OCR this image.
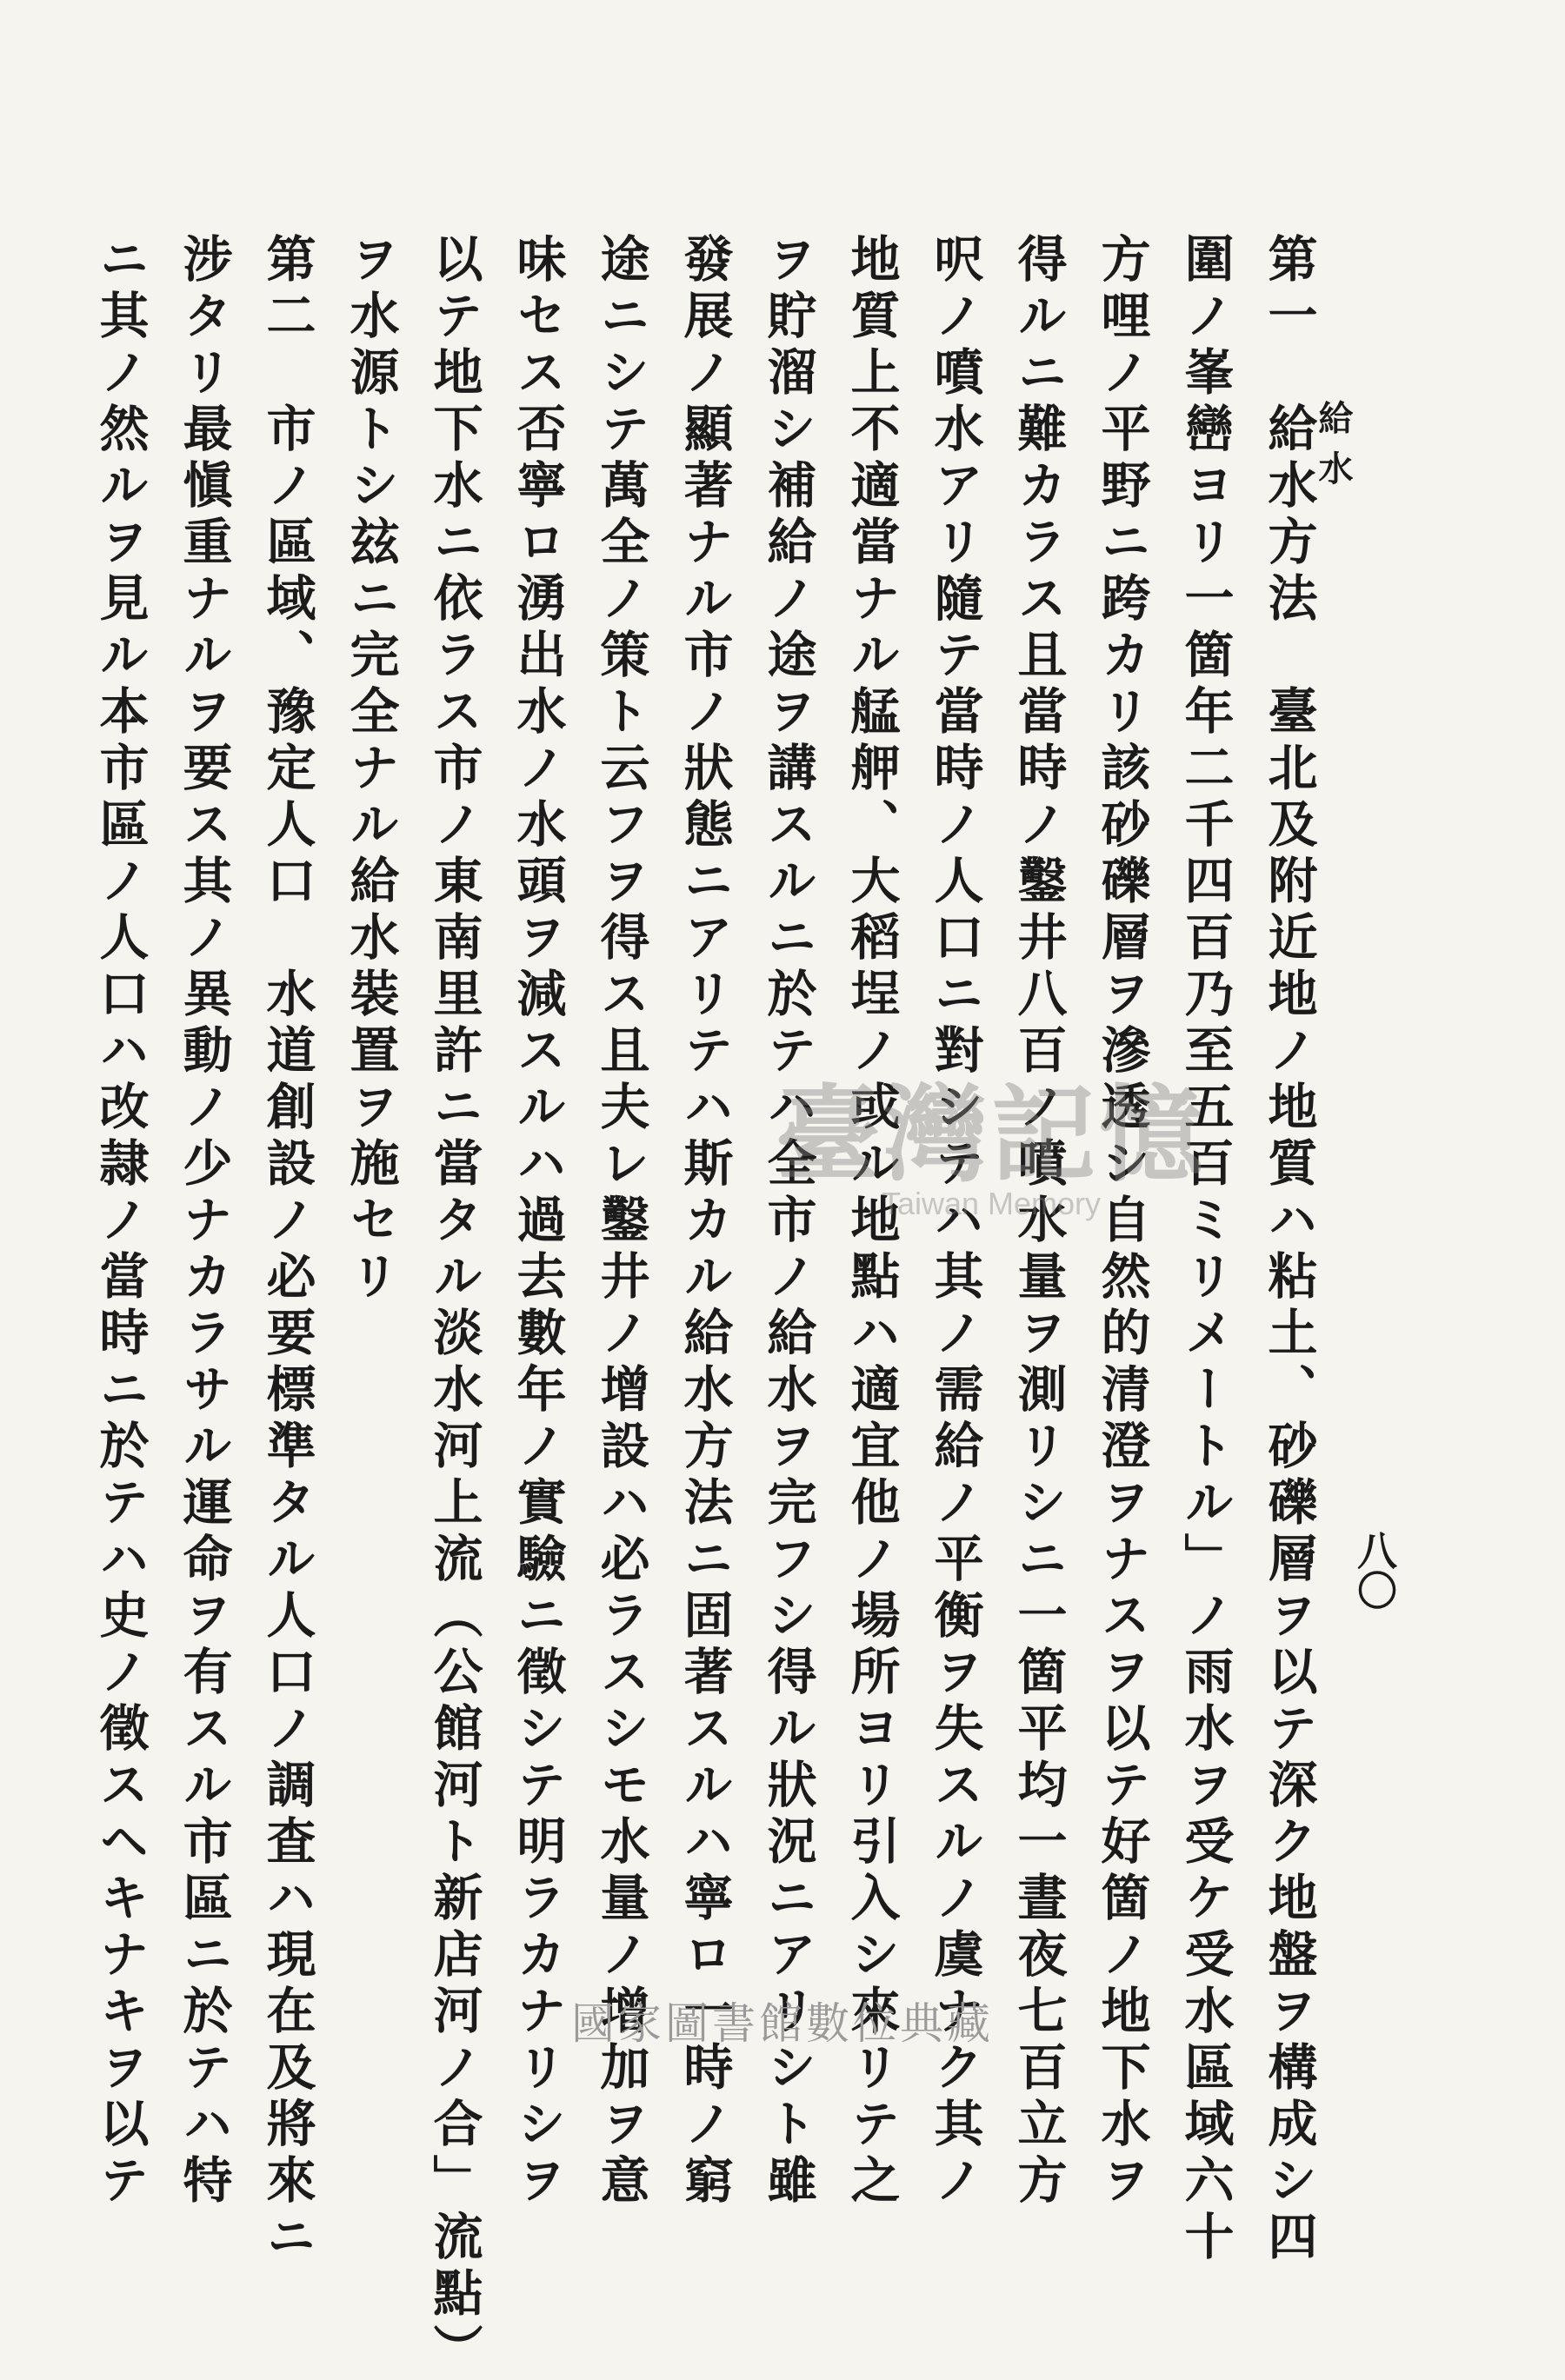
給水
八〇
第一　給水方法　臺北及附近地ノ地質ハ粘土、砂礫層ヲ以テ深ク地盤ヲ構成シ四
圍ノ峯巒ヨリ一箇年二千四百乃至五百ミリメートル」ノ雨水ヲ受ケ受水區域六十
方哩ノ平野ニ跨カリ該砂礫層ヲ滲透シ自然的清澄ヲナスヲ以テ好箇ノ地下水ヲ
得ルニ難カラス且當時ノ鑿井八百ノ噴水量ヲ測リシニ一箇平均一晝夜七百立方
呎ノ噴水アリ隨テ當時ノ人口ニ對シテハ其ノ需給ノ平衡ヲ失スルノ虞ナク其ノ
地質上不適當ナル艋舺、大稻埕ノ或ル地點ハ適宜他ノ場所ヨリ引入シ來リテ之
ヲ貯溜シ補給ノ途ヲ講スルニ於テハ全市ノ給水ヲ完フシ得ル狀況ニアリシト雖
發展ノ顯著ナル市ノ狀態ニアリテハ斯カル給水方法ニ固著スルハ寧ロ一時ノ窮
途ニシテ萬全ノ策ト云フヲ得ス且夫レ鑿井ノ增設ハ必ラスシモ水量ノ增加ヲ意
味セス否寧ロ湧出水ノ水頭ヲ減スルハ過去數年ノ實驗ニ徵シテ明ラカナリシヲ
以テ地下水ニ依ラス市ノ東南里許ニ當タル淡水河上流（公館河ト新店河ノ合」流點）
ヲ水源トシ玆ニ完全ナル給水裝置ヲ施セリ
第二　市ノ區域、豫定人口　水道創設ノ必要標準タル人口ノ調査ハ現在及將來ニ
涉タリ最愼重ナルヲ要ス其ノ異動ノ少ナカラサル運命ヲ有スル市區ニ於テハ特
ニ其ノ然ルヲ見ル本市區ノ人口ハ改隷ノ當時ニ於テハ史ノ徵スヘキナキヲ以テ	臺灣記憶
Taiwan Memory
國家圖書館數位典藏
